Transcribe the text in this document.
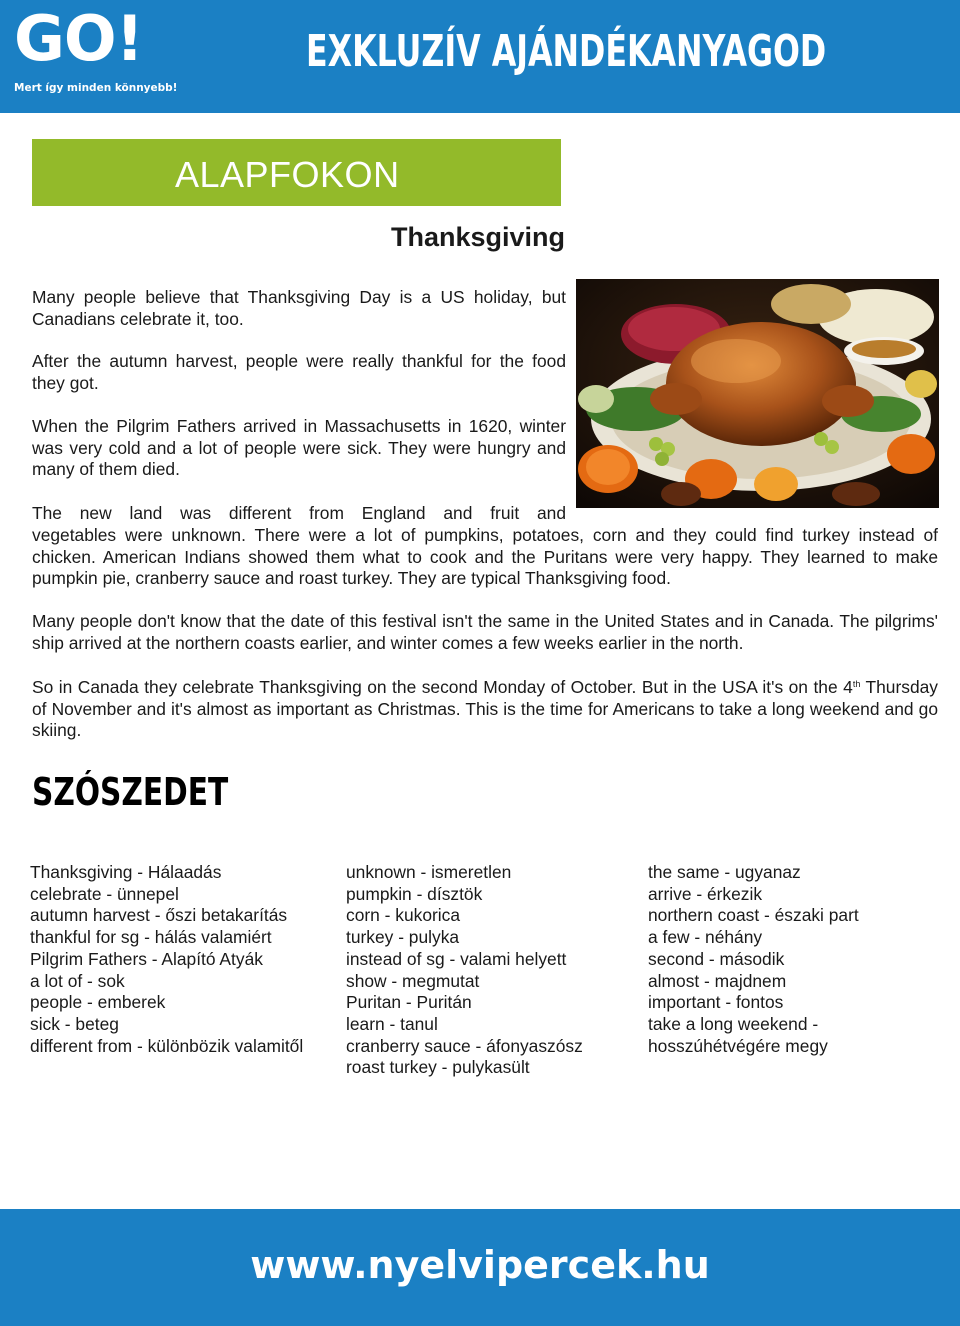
GO!
Mert így minden könnyebb!
EXKLUZÍV AJÁNDÉKANYAGOD
ALAPFOKON
Thanksgiving

Many people believe that Thanksgiving Day is a US holiday, but Canadians celebrate it, too.

After the autumn harvest, people were really thankful for the food they got.

When the Pilgrim Fathers arrived in Massachusetts in 1620, winter was very cold and a lot of people were sick. They were hungry and many of them died.

The new land was different from England and fruit and

vegetables were unknown. There were a lot of pumpkins, potatoes, corn and they could find turkey instead of chicken. American Indians showed them what to cook and the Puritans were very happy. They learned to make pumpkin pie, cranberry sauce and roast turkey. They are typical Thanksgiving food.

Many people don't know that the date of this festival isn't the same in the United States and in Canada. The pilgrims' ship arrived at the northern coasts earlier, and winter comes a few weeks earlier in the north.

So in Canada they celebrate Thanksgiving on the second Monday of October. But in the USA it's on the 4th Thursday of November and it's almost as important as Christmas. This is the time for Americans to take a long weekend and go skiing.

SZÓSZEDET
Thanksgiving - Hálaadás
celebrate - ünnepel
autumn harvest - őszi betakarítás
thankful for sg - hálás valamiért
Pilgrim Fathers - Alapító Atyák
a lot of - sok
people - emberek
sick - beteg
different from - különbözik valamitől
unknown - ismeretlen
pumpkin - dísztök
corn - kukorica
turkey - pulyka
instead of sg - valami helyett
show - megmutat
Puritan - Puritán
learn - tanul
cranberry sauce - áfonyaszósz
roast turkey - pulykasült
the same - ugyanaz
arrive - érkezik
northern coast - északi part
a few - néhány
second - második
almost - majdnem
important - fontos
take a long weekend -
hosszúhétvégére megy
www.nyelvipercek.hu
